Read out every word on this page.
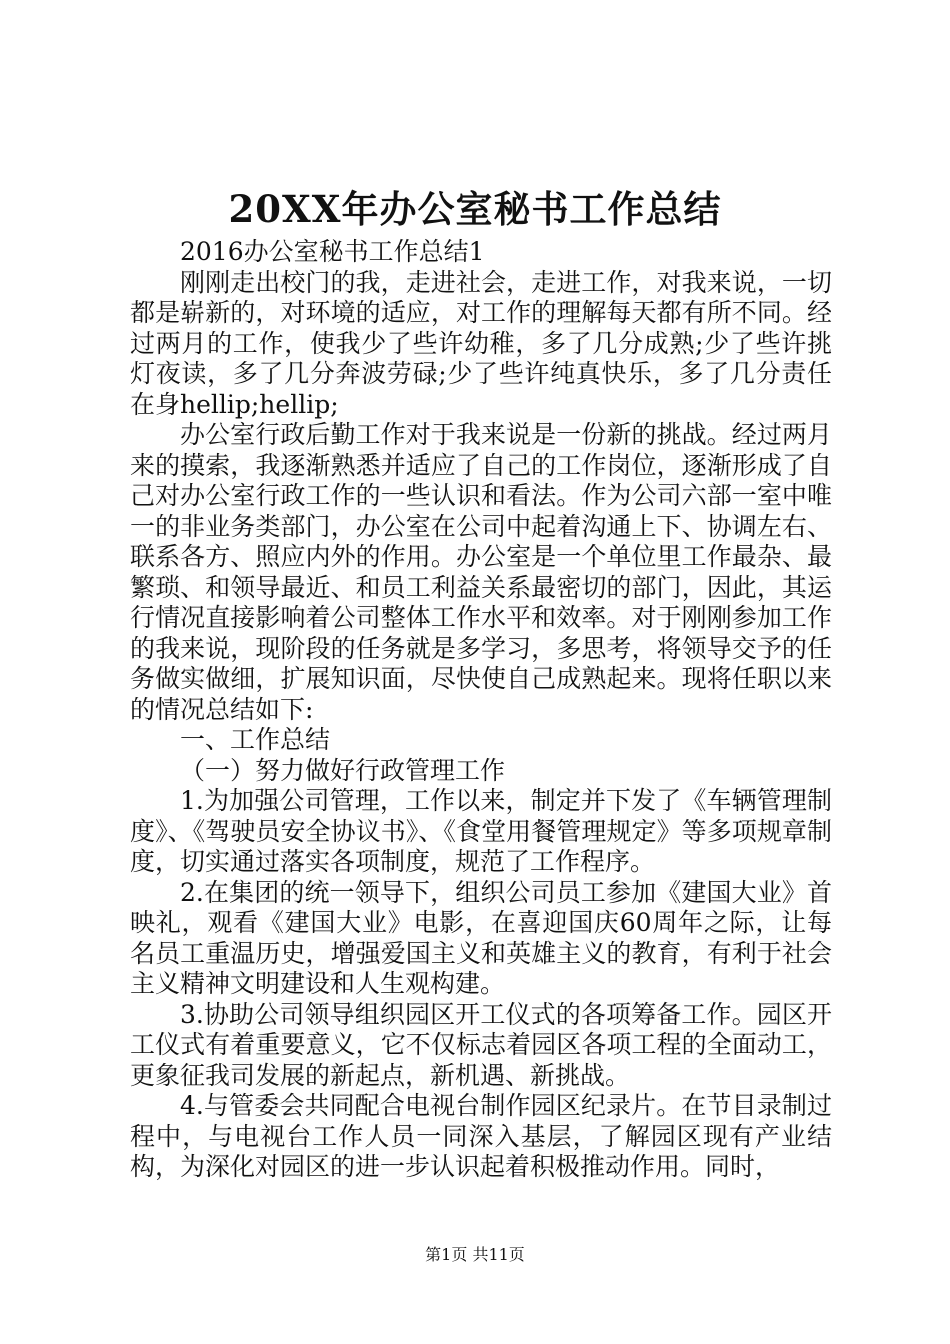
20XX年办公室秘书工作总结

2016办公室秘书工作总结1

刚刚走出校门的我，走进社会，走进工作，对我来说，一切都是崭新的，对环境的适应，对工作的理解每天都有所不同。经过两月的工作，使我少了些许幼稚，多了几分成熟;少了些许挑灯夜读，多了几分奔波劳碌;少了些许纯真快乐，多了几分责任在身hellip;hellip;

办公室行政后勤工作对于我来说是一份新的挑战。经过两月来的摸索，我逐渐熟悉并适应了自己的工作岗位，逐渐形成了自己对办公室行政工作的一些认识和看法。作为公司六部一室中唯一的非业务类部门，办公室在公司中起着沟通上下、协调左右、联系各方、照应内外的作用。办公室是一个单位里工作最杂、最繁琐、和领导最近、和员工利益关系最密切的部门，因此，其运行情况直接影响着公司整体工作水平和效率。对于刚刚参加工作的我来说，现阶段的任务就是多学习，多思考，将领导交予的任务做实做细，扩展知识面，尽快使自己成熟起来。现将任职以来的情况总结如下:

一、工作总结

（一）努力做好行政管理工作

1.为加强公司管理，工作以来，制定并下发了《车辆管理制度》、《驾驶员安全协议书》、《食堂用餐管理规定》等多项规章制度，切实通过落实各项制度，规范了工作程序。

2.在集团的统一领导下，组织公司员工参加《建国大业》首映礼，观看《建国大业》电影，在喜迎国庆60周年之际，让每名员工重温历史，增强爱国主义和英雄主义的教育，有利于社会主义精神文明建设和人生观构建。

3.协助公司领导组织园区开工仪式的各项筹备工作。园区开工仪式有着重要意义，它不仅标志着园区各项工程的全面动工，更象征我司发展的新起点，新机遇、新挑战。

4.与管委会共同配合电视台制作园区纪录片。在节目录制过程中，与电视台工作人员一同深入基层，了解园区现有产业结构，为深化对园区的进一步认识起着积极推动作用。同时，

第1页 共11页
